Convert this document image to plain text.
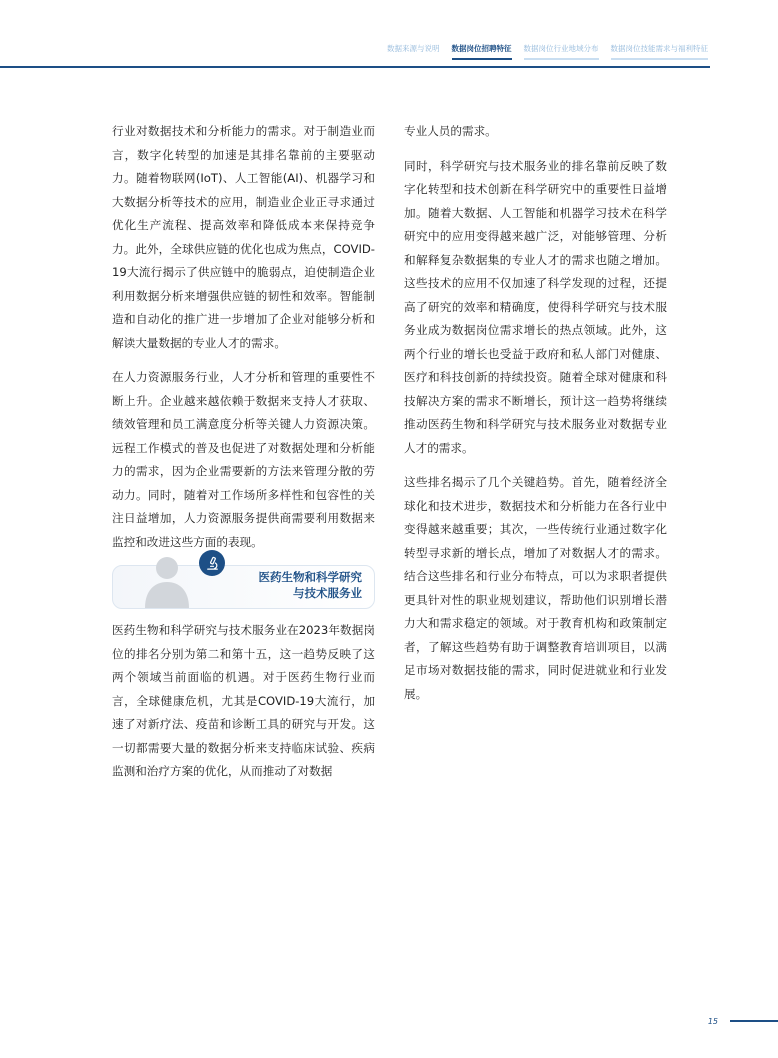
数据来源与说明 数据岗位招聘特征 数据岗位行业地域分布 数据岗位技能需求与福利特征

行业对数据技术和分析能力的需求。对于制造业而言，数字化转型的加速是其排名靠前的主要驱动力。随着物联网(IoT)、人工智能(AI)、机器学习和大数据分析等技术的应用，制造业企业正寻求通过优化生产流程、提高效率和降低成本来保持竞争力。此外，全球供应链的优化也成为焦点，COVID-19大流行揭示了供应链中的脆弱点，迫使制造企业利用数据分析来增强供应链的韧性和效率。智能制造和自动化的推广进一步增加了企业对能够分析和解读大量数据的专业人才的需求。

在人力资源服务行业，人才分析和管理的重要性不断上升。企业越来越依赖于数据来支持人才获取、绩效管理和员工满意度分析等关键人力资源决策。远程工作模式的普及也促进了对数据处理和分析能力的需求，因为企业需要新的方法来管理分散的劳动力。同时，随着对工作场所多样性和包容性的关注日益增加，人力资源服务提供商需要利用数据来监控和改进这些方面的表现。

医药生物和科学研究
与技术服务业

医药生物和科学研究与技术服务业在2023年数据岗位的排名分别为第二和第十五，这一趋势反映了这两个领域当前面临的机遇。对于医药生物行业而言，全球健康危机，尤其是COVID-19大流行，加速了对新疗法、疫苗和诊断工具的研究与开发。这一切都需要大量的数据分析来支持临床试验、疾病监测和治疗方案的优化，从而推动了对数据

专业人员的需求。

同时，科学研究与技术服务业的排名靠前反映了数字化转型和技术创新在科学研究中的重要性日益增加。随着大数据、人工智能和机器学习技术在科学研究中的应用变得越来越广泛，对能够管理、分析和解释复杂数据集的专业人才的需求也随之增加。这些技术的应用不仅加速了科学发现的过程，还提高了研究的效率和精确度，使得科学研究与技术服务业成为数据岗位需求增长的热点领域。此外，这两个行业的增长也受益于政府和私人部门对健康、医疗和科技创新的持续投资。随着全球对健康和科技解决方案的需求不断增长，预计这一趋势将继续推动医药生物和科学研究与技术服务业对数据专业人才的需求。

这些排名揭示了几个关键趋势。首先，随着经济全球化和技术进步，数据技术和分析能力在各行业中变得越来越重要；其次，一些传统行业通过数字化转型寻求新的增长点，增加了对数据人才的需求。结合这些排名和行业分布特点，可以为求职者提供更具针对性的职业规划建议，帮助他们识别增长潜力大和需求稳定的领域。对于教育机构和政策制定者，了解这些趋势有助于调整教育培训项目，以满足市场对数据技能的需求，同时促进就业和行业发展。

15
